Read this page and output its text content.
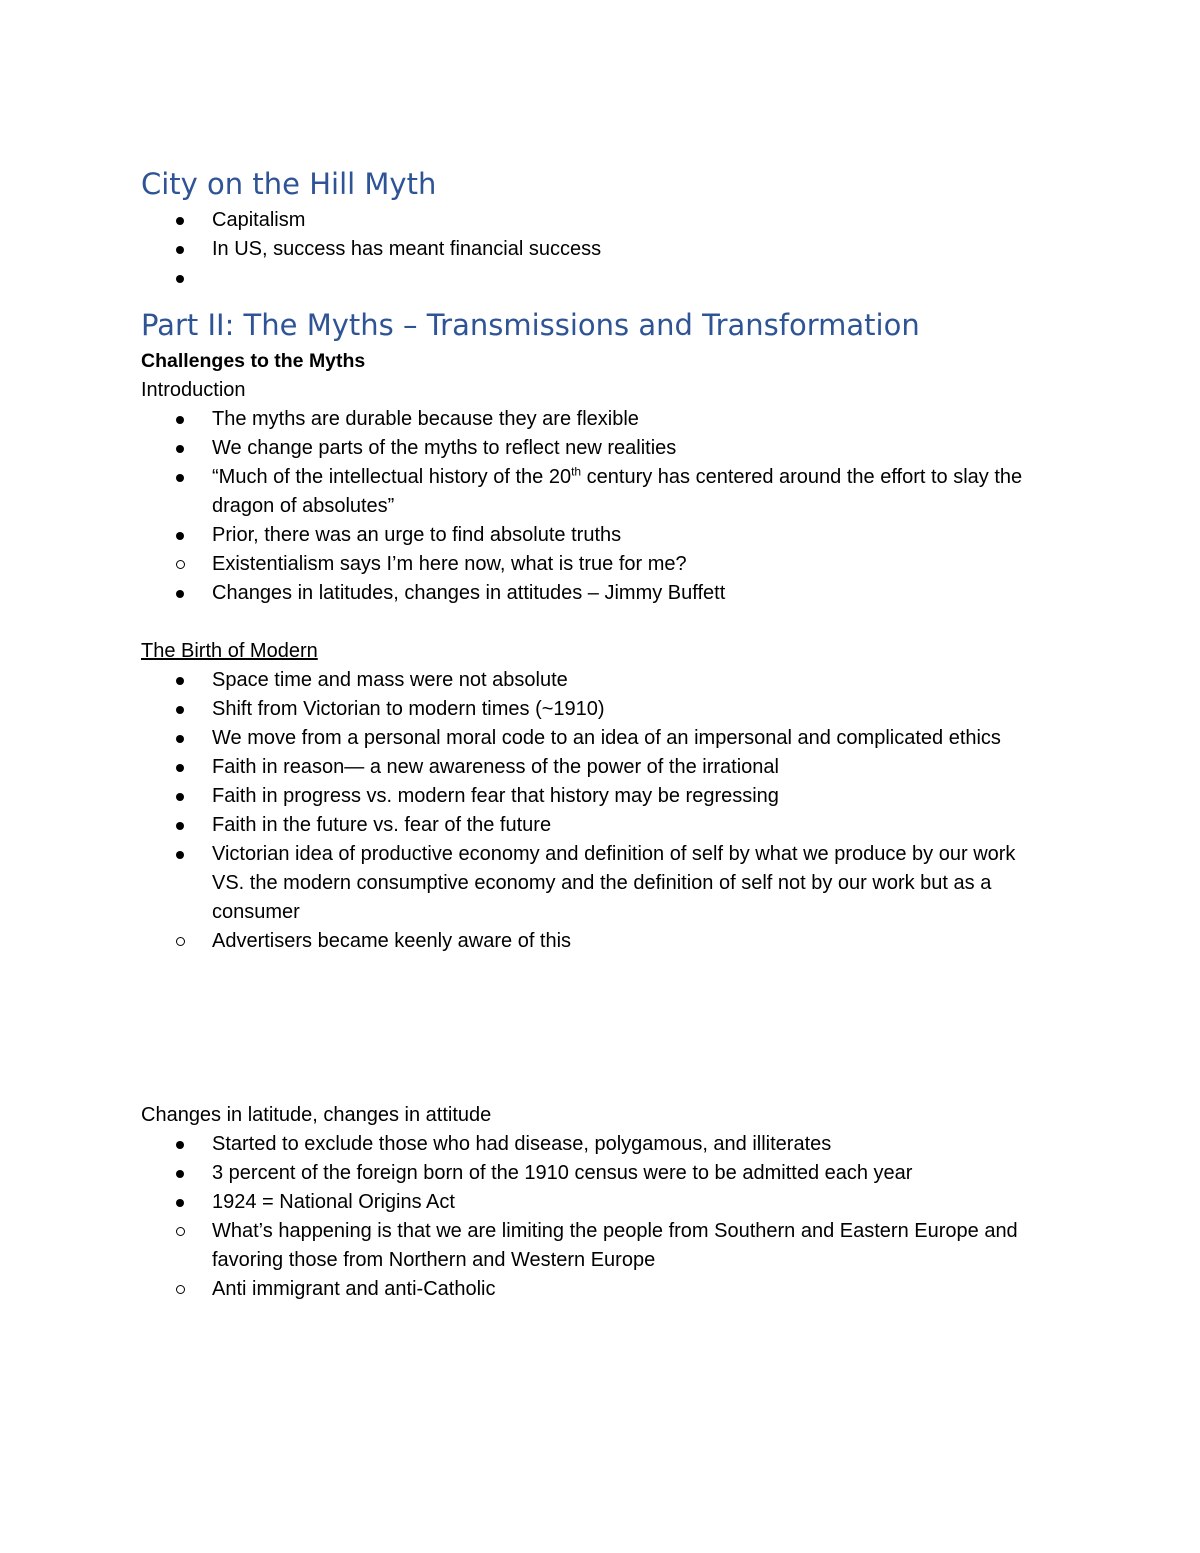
City on the Hill Myth
Capitalism
In US, success has meant financial success
Part II: The Myths – Transmissions and Transformation

Challenges to the Myths

Introduction

The myths are durable because they are flexible
We change parts of the myths to reflect new realities
“Much of the intellectual history of the 20th century has centered around the effort to slay the dragon of absolutes”
Prior, there was an urge to find absolute truths
Existentialism says I’m here now, what is true for me?
Changes in latitudes, changes in attitudes – Jimmy Buffett

The Birth of Modern

Space time and mass were not absolute
Shift from Victorian to modern times (~1910)
We move from a personal moral code to an idea of an impersonal and complicated ethics
Faith in reason— a new awareness of the power of the irrational
Faith in progress vs. modern fear that history may be regressing
Faith in the future vs. fear of the future
Victorian idea of productive economy and definition of self by what we produce by our work VS. the modern consumptive economy and the definition of self not by our work but as a consumer
Advertisers became keenly aware of this

Changes in latitude, changes in attitude

Started to exclude those who had disease, polygamous, and illiterates
3 percent of the foreign born of the 1910 census were to be admitted each year
1924 = National Origins Act
What’s happening is that we are limiting the people from Southern and Eastern Europe and favoring those from Northern and Western Europe
Anti immigrant and anti-Catholic
